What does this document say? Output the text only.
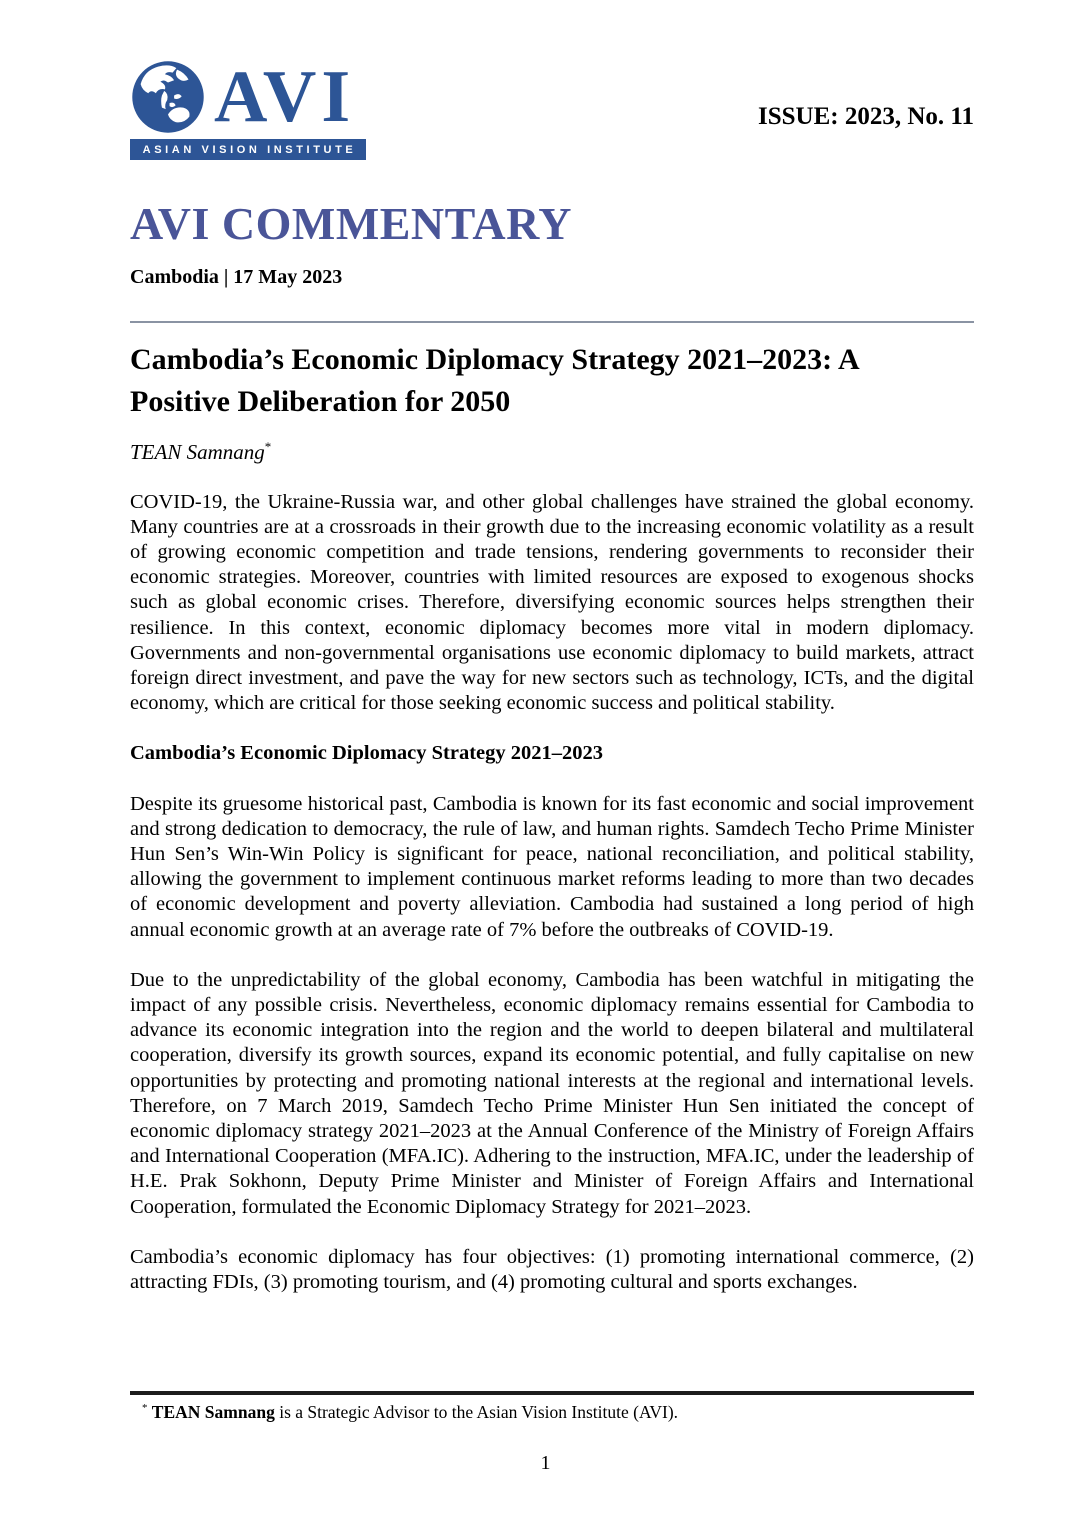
AVI
ASIAN VISION INSTITUTE
ISSUE: 2023, No. 11
AVI COMMENTARY
Cambodia | 17 May 2023
Cambodia’s Economic Diplomacy Strategy 2021–2023: A Positive Deliberation for 2050
TEAN Samnang*

COVID-19, the Ukraine-Russia war, and other global challenges have strained the global economy. Many countries are at a crossroads in their growth due to the increasing economic volatility as a result of growing economic competition and trade tensions, rendering governments to reconsider their economic strategies. Moreover, countries with limited resources are exposed to exogenous shocks such as global economic crises. Therefore, diversifying economic sources helps strengthen their resilience. In this context, economic diplomacy becomes more vital in modern diplomacy. Governments and non-governmental organisations use economic diplomacy to build markets, attract foreign direct investment, and pave the way for new sectors such as technology, ICTs, and the digital economy, which are critical for those seeking economic success and political stability.

Cambodia’s Economic Diplomacy Strategy 2021–2023

Despite its gruesome historical past, Cambodia is known for its fast economic and social improvement and strong dedication to democracy, the rule of law, and human rights. Samdech Techo Prime Minister Hun Sen’s Win-Win Policy is significant for peace, national reconciliation, and political stability, allowing the government to implement continuous market reforms leading to more than two decades of economic development and poverty alleviation. Cambodia had sustained a long period of high annual economic growth at an average rate of 7% before the outbreaks of COVID-19.

Due to the unpredictability of the global economy, Cambodia has been watchful in mitigating the impact of any possible crisis. Nevertheless, economic diplomacy remains essential for Cambodia to advance its economic integration into the region and the world to deepen bilateral and multilateral cooperation, diversify its growth sources, expand its economic potential, and fully capitalise on new opportunities by protecting and promoting national interests at the regional and international levels. Therefore, on 7 March 2019, Samdech Techo Prime Minister Hun Sen initiated the concept of economic diplomacy strategy 2021–2023 at the Annual Conference of the Ministry of Foreign Affairs and International Cooperation (MFA.IC). Adhering to the instruction, MFA.IC, under the leadership of H.E. Prak Sokhonn, Deputy Prime Minister and Minister of Foreign Affairs and International Cooperation, formulated the Economic Diplomacy Strategy for 2021–2023.

Cambodia’s economic diplomacy has four objectives: (1) promoting international commerce, (2) attracting FDIs, (3) promoting tourism, and (4) promoting cultural and sports exchanges.

* TEAN Samnang is a Strategic Advisor to the Asian Vision Institute (AVI).
1
